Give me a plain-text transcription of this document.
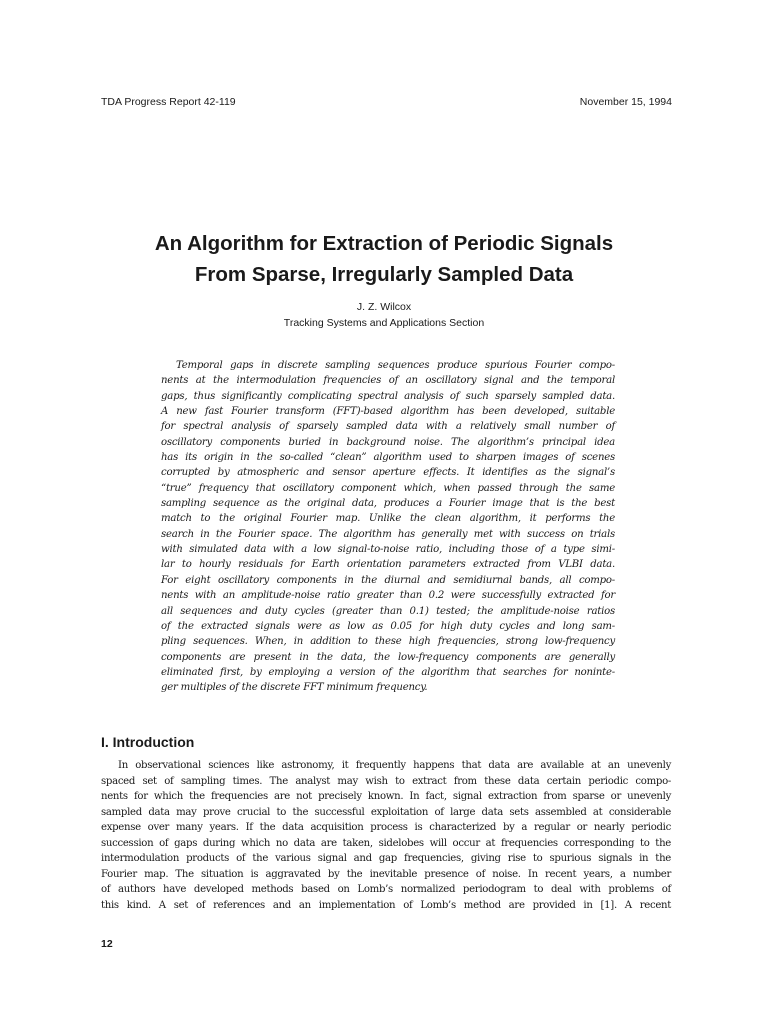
TDA Progress Report 42-119	November 15, 1994
An Algorithm for Extraction of Periodic Signals
From Sparse, Irregularly Sampled Data
J. Z. Wilcox
Tracking Systems and Applications Section
Temporal gaps in discrete sampling sequences produce spurious Fourier compo-
nents at the intermodulation frequencies of an oscillatory signal and the temporal
gaps, thus significantly complicating spectral analysis of such sparsely sampled data.
A new fast Fourier transform (FFT)-based algorithm has been developed, suitable
for spectral analysis of sparsely sampled data with a relatively small number of
oscillatory components buried in background noise. The algorithm’s principal idea
has its origin in the so-called “clean” algorithm used to sharpen images of scenes
corrupted by atmospheric and sensor aperture effects. It identifies as the signal’s
“true” frequency that oscillatory component which, when passed through the same
sampling sequence as the original data, produces a Fourier image that is the best
match to the original Fourier map. Unlike the clean algorithm, it performs the
search in the Fourier space. The algorithm has generally met with success on trials
with simulated data with a low signal-to-noise ratio, including those of a type simi-
lar to hourly residuals for Earth orientation parameters extracted from VLBI data.
For eight oscillatory components in the diurnal and semidiurnal bands, all compo-
nents with an amplitude-noise ratio greater than 0.2 were successfully extracted for
all sequences and duty cycles (greater than 0.1) tested; the amplitude-noise ratios
of the extracted signals were as low as 0.05 for high duty cycles and long sam-
pling sequences. When, in addition to these high frequencies, strong low-frequency
components are present in the data, the low-frequency components are generally
eliminated first, by employing a version of the algorithm that searches for noninte-
ger multiples of the discrete FFT minimum frequency.
I. Introduction
In observational sciences like astronomy, it frequently happens that data are available at an unevenly
spaced set of sampling times. The analyst may wish to extract from these data certain periodic compo-
nents for which the frequencies are not precisely known. In fact, signal extraction from sparse or unevenly
sampled data may prove crucial to the successful exploitation of large data sets assembled at considerable
expense over many years. If the data acquisition process is characterized by a regular or nearly periodic
succession of gaps during which no data are taken, sidelobes will occur at frequencies corresponding to the
intermodulation products of the various signal and gap frequencies, giving rise to spurious signals in the
Fourier map. The situation is aggravated by the inevitable presence of noise. In recent years, a number
of authors have developed methods based on Lomb’s normalized periodogram to deal with problems of
this kind. A set of references and an implementation of Lomb’s method are provided in [1]. A recent
12
